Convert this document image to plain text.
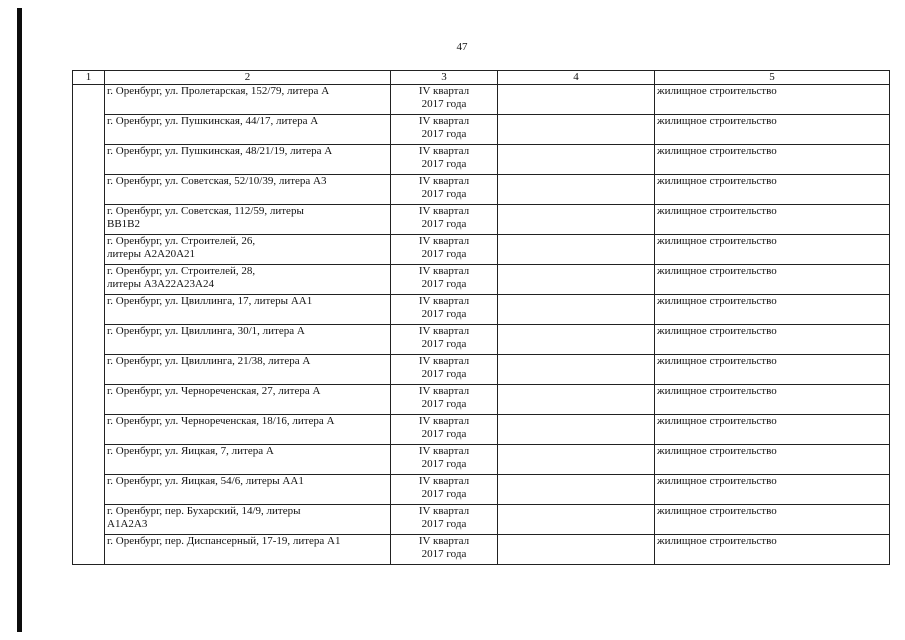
47
1	2	3	4	5

	г. Оренбург, ул. Пролетарская, 152/79, литера А	IV квартал
2017 года		жилищное строительство

	г. Оренбург, ул. Пушкинская, 44/17, литера А	IV квартал
2017 года		жилищное строительство

	г. Оренбург, ул. Пушкинская, 48/21/19, литера А	IV квартал
2017 года		жилищное строительство

	г. Оренбург, ул. Советская, 52/10/39, литера А3	IV квартал
2017 года		жилищное строительство

	г. Оренбург, ул. Советская, 112/59, литеры
ВВ1В2	IV квартал
2017 года		жилищное строительство

	г. Оренбург, ул. Строителей, 26,
литеры А2А20А21	IV квартал
2017 года		жилищное строительство

	г. Оренбург, ул. Строителей, 28,
литеры А3А22А23А24	IV квартал
2017 года		жилищное строительство

	г. Оренбург, ул. Цвиллинга, 17, литеры АА1	IV квартал
2017 года		жилищное строительство

	г. Оренбург, ул. Цвиллинга, 30/1, литера А	IV квартал
2017 года		жилищное строительство

	г. Оренбург, ул. Цвиллинга, 21/38, литера А	IV квартал
2017 года		жилищное строительство

	г. Оренбург, ул. Чернореченская, 27, литера А	IV квартал
2017 года		жилищное строительство

	г. Оренбург, ул. Чернореченская, 18/16, литера А	IV квартал
2017 года		жилищное строительство

	г. Оренбург, ул. Яицкая, 7, литера А	IV квартал
2017 года		жилищное строительство

	г. Оренбург, ул. Яицкая, 54/6, литеры АА1	IV квартал
2017 года		жилищное строительство

	г. Оренбург, пер. Бухарский, 14/9, литеры
А1А2А3	IV квартал
2017 года		жилищное строительство

	г. Оренбург, пер. Диспансерный, 17-19, литера А1	IV квартал
2017 года		жилищное строительство
